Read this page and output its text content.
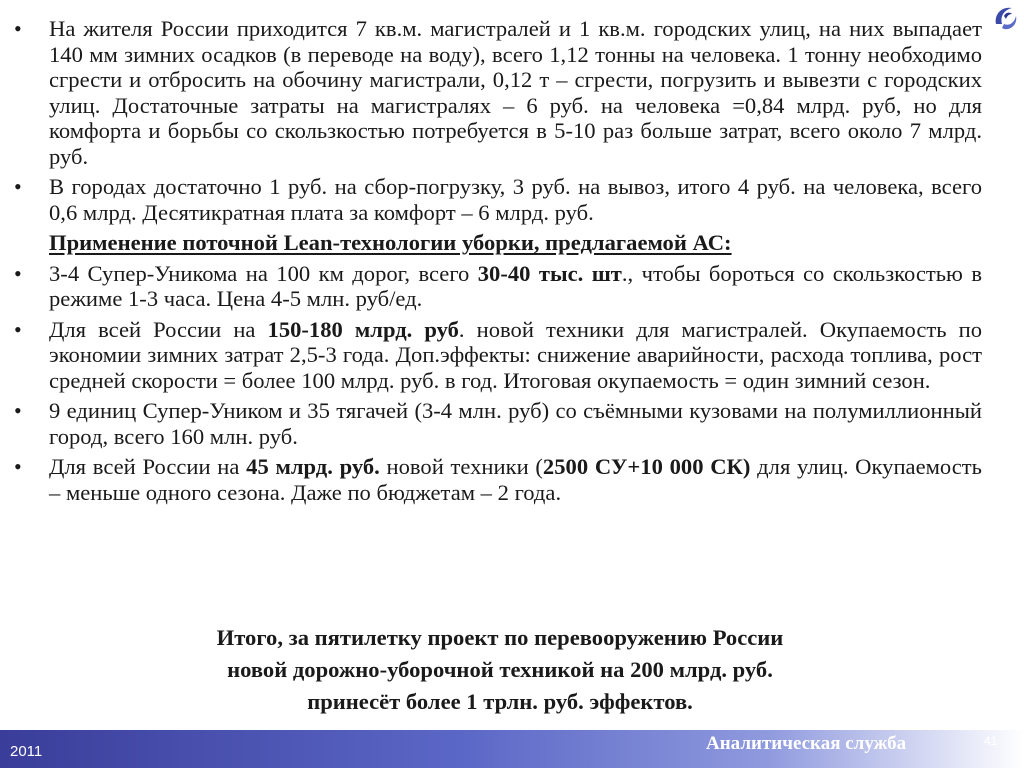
•	На жителя России приходится 7 кв.м. магистралей и 1 кв.м. городских улиц, на них выпадает 140 мм зимних осадков (в переводе на воду), всего 1,12 тонны на человека. 1 тонну необходимо сгрести и отбросить на обочину магистрали, 0,12 т – сгрести, погрузить и вывезти с городских улиц. Достаточные затраты на магистралях – 6 руб. на человека =0,84 млрд. руб, но для комфорта и борьбы со скользкостью потребуется в 5-10 раз больше затрат, всего около 7 млрд. руб.
•	В городах достаточно 1 руб. на сбор-погрузку, 3 руб. на вывоз, итого 4 руб. на человека, всего 0,6 млрд. Десятикратная плата за комфорт – 6 млрд. руб.
Применение поточной Lean-технологии уборки, предлагаемой АС:
•	3-4 Супер-Уникома на 100 км дорог, всего 30-40 тыс. шт., чтобы бороться со скользкостью в режиме 1-3 часа. Цена 4-5 млн. руб/ед.
•	Для всей России на 150-180 млрд. руб. новой техники для магистралей. Окупаемость по экономии зимних затрат 2,5-3 года. Доп.эффекты: снижение аварийности, расхода топлива, рост средней скорости = более 100 млрд. руб. в год. Итоговая окупаемость = один зимний сезон.
•	9 единиц Супер-Уником и 35 тягачей (3-4 млн. руб) со съёмными кузовами на полумиллионный город, всего 160 млн. руб.
•	Для всей России на 45 млрд. руб. новой техники (2500 СУ+10 000 СК) для улиц. Окупаемость – меньше одного сезона. Даже по бюджетам – 2 года.
Итого, за пятилетку проект по перевооружению России
новой дорожно-уборочной техникой на 200 млрд. руб.
принесёт более 1 трлн. руб. эффектов.
2011	Аналитическая служба	41
